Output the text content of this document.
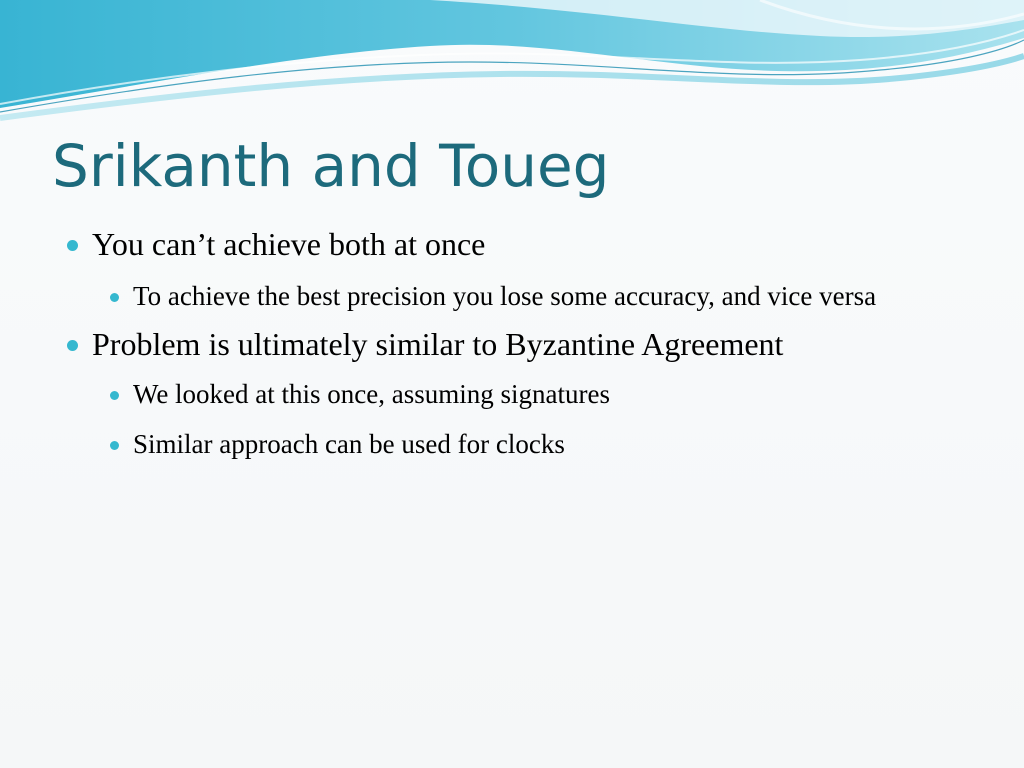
Srikanth and Toueg
You can’t achieve both at once
To achieve the best precision you lose some accuracy, and vice versa
Problem is ultimately similar to Byzantine Agreement
We looked at this once, assuming signatures
Similar approach can be used for clocks
